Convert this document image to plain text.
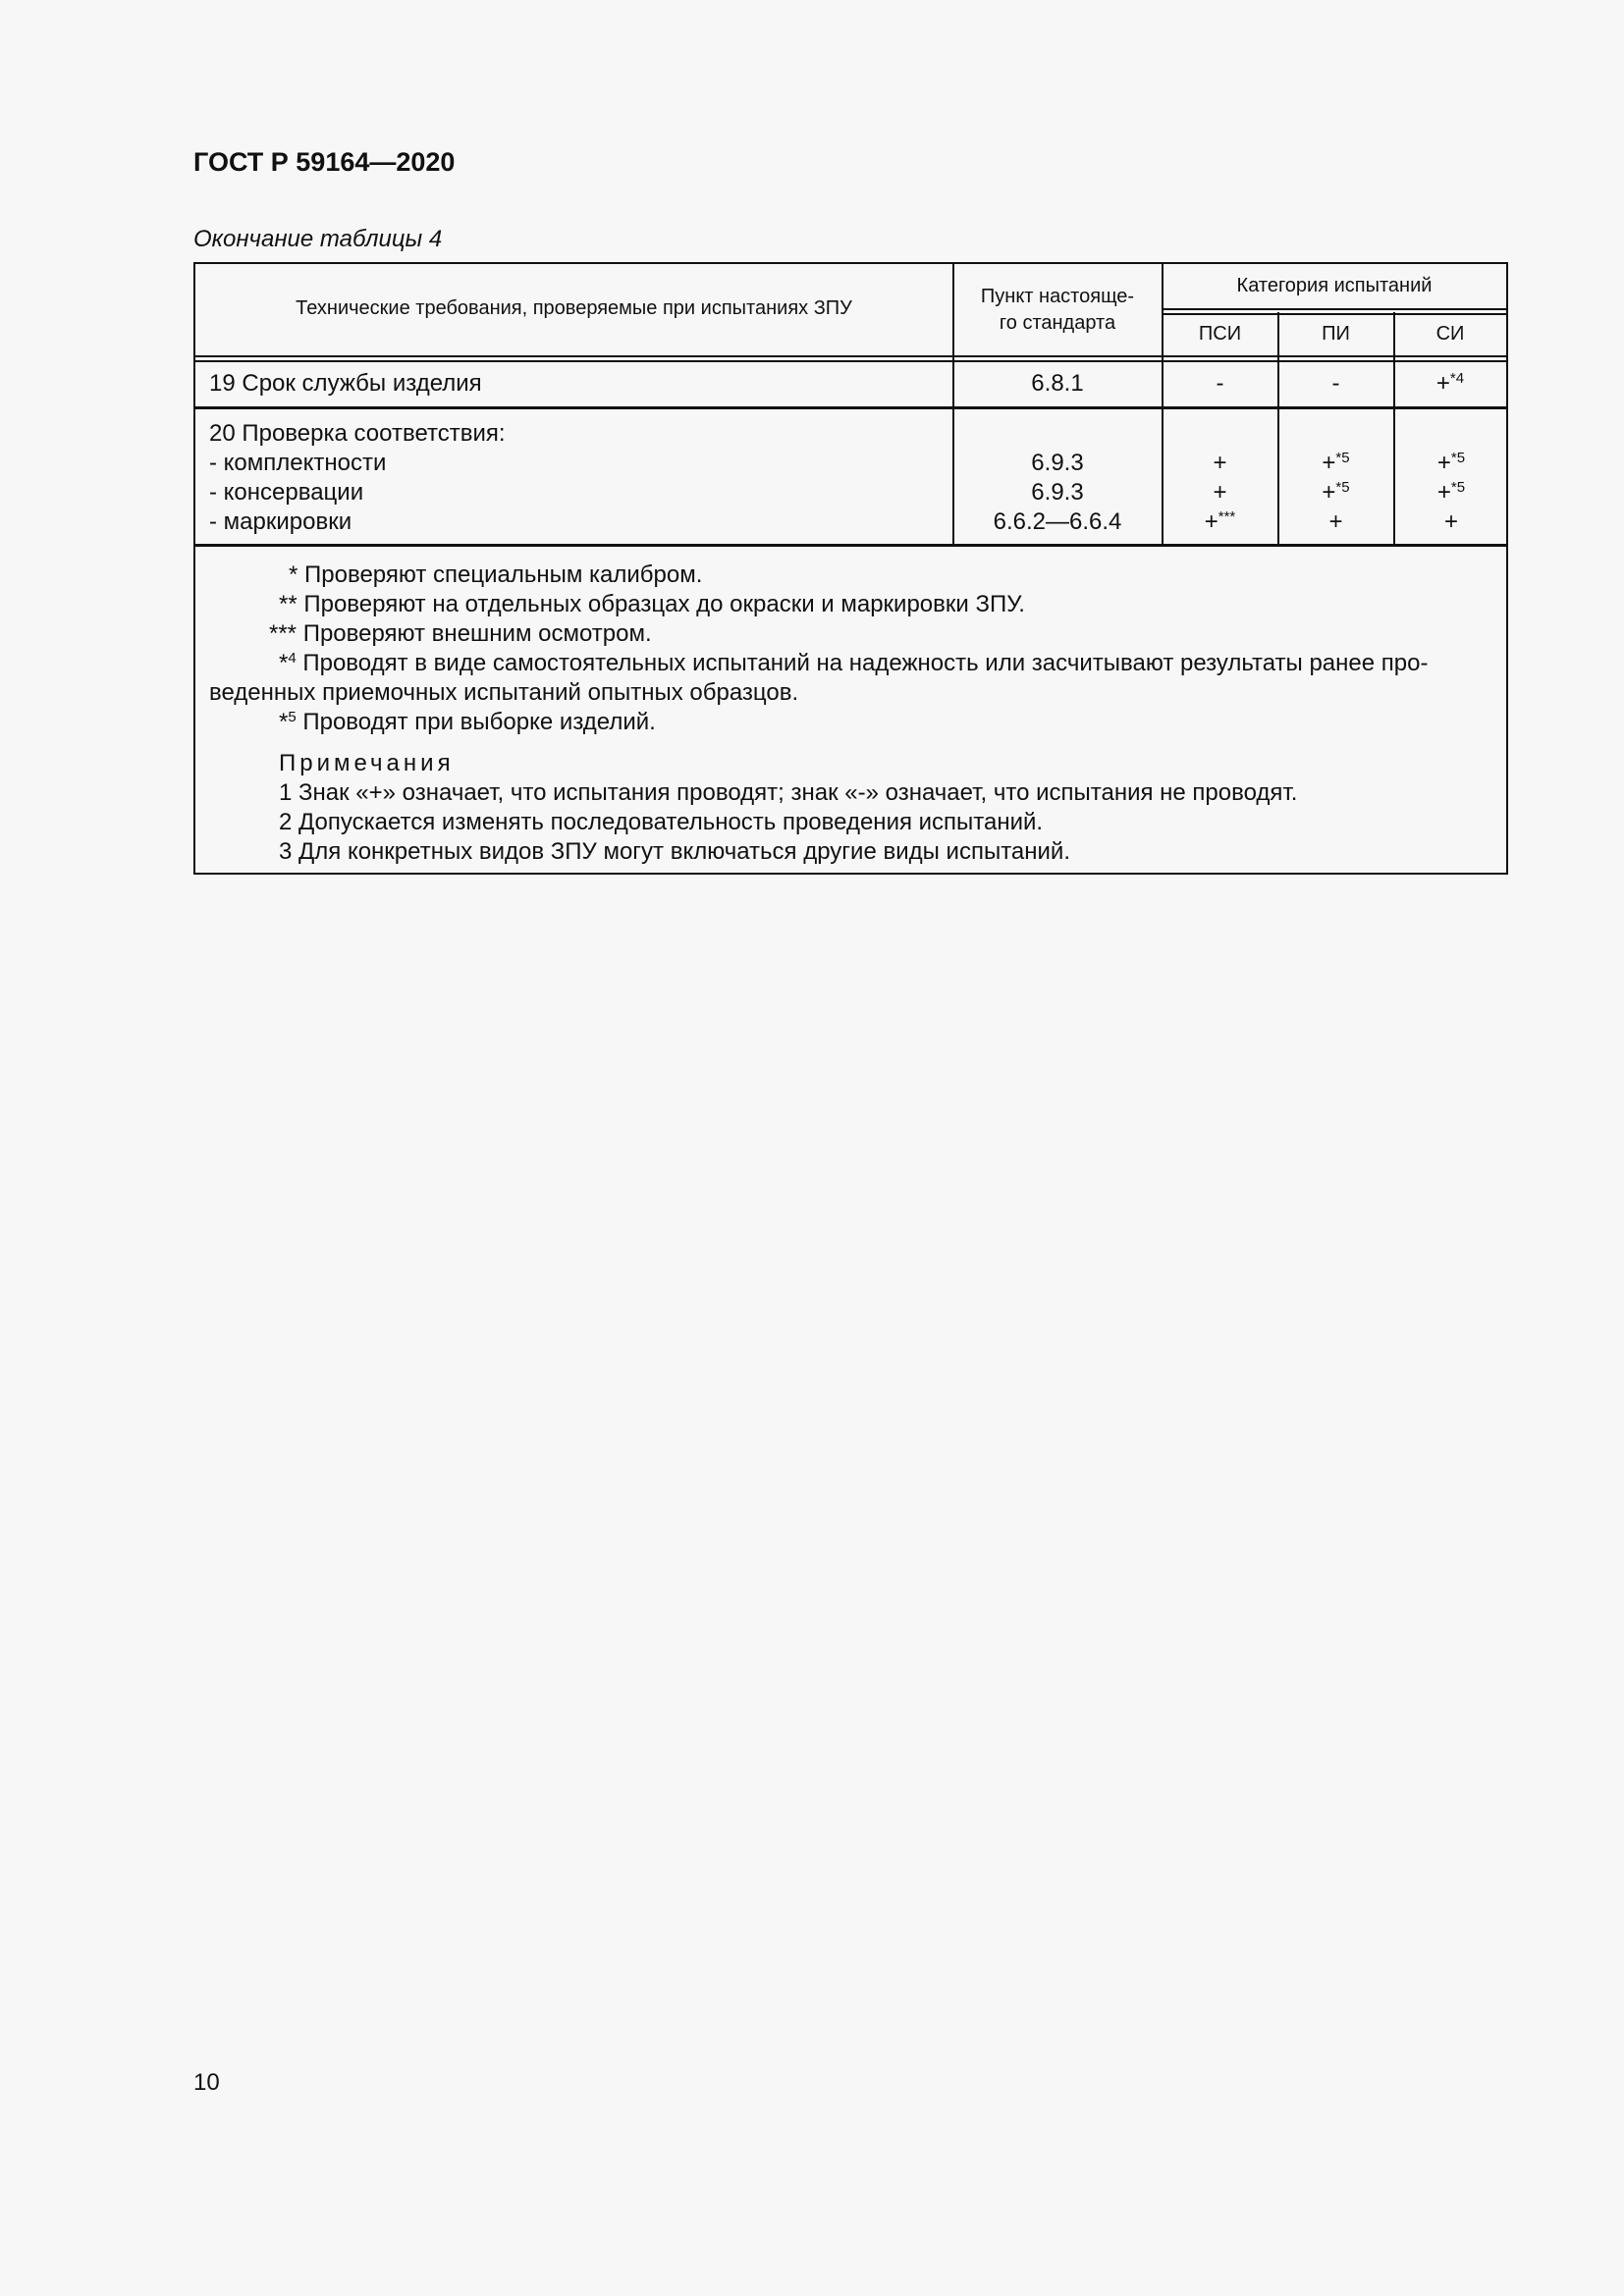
ГОСТ Р 59164—2020
Окончание таблицы 4
Технические требования, проверяемые при испытаниях ЗПУ
Пункт настояще-
го стандарта
Категория испытаний
ПСИ	ПИ	СИ
19 Срок службы изделия	6.8.1	-	-	+$^{*4}$
20 Проверка соответствия:
- комплектности	6.9.3	+	+$^{*5}$	+$^{*5}$
- консервации	6.9.3	+	+$^{*5}$	+$^{*5}$
- маркировки	6.6.2—6.6.4	+***	+	+

* Проверяют специальным калибром.

** Проверяют на отдельных образцах до окраски и маркировки ЗПУ.

*** Проверяют внешним осмотром.

*$^4$ Проводят в виде самостоятельных испытаний на надежность или засчитывают результаты ранее про-

веденных приемочных испытаний опытных образцов.

*$^5$ Проводят при выборке изделий.

Примечания

1 Знак «+» означает, что испытания проводят; знак «-» означает, что испытания не проводят.

2 Допускается изменять последовательность проведения испытаний.

3 Для конкретных видов ЗПУ могут включаться другие виды испытаний.

10
